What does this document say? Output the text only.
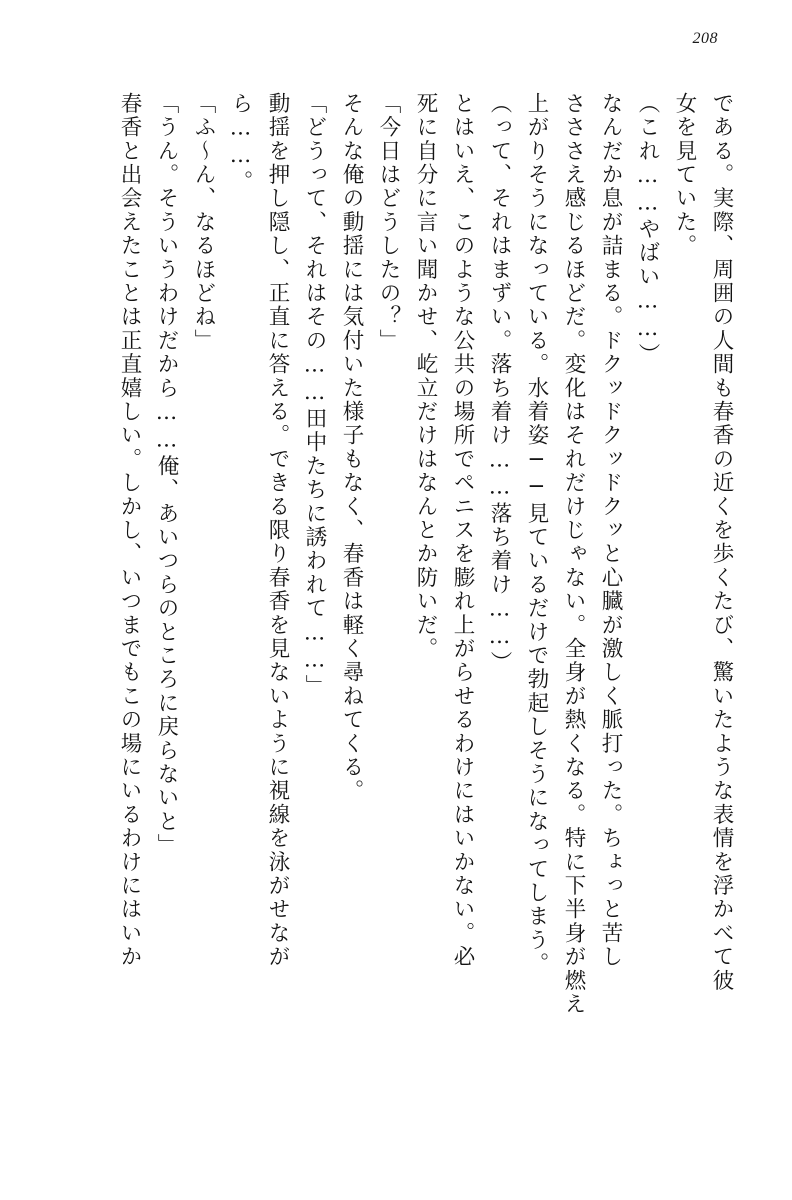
208
である。実際、周囲の人間も春香の近くを歩くたび、驚いたような表情を浮かべて彼
女を見ていた。
（これ……やばい……）
なんだか息が詰まる。ドクッドクッドクッと心臓が激しく脈打った。ちょっと苦し
さささえ感じるほどだ。変化はそれだけじゃない。全身が熱くなる。特に下半身が燃え
上がりそうになっている。水着姿──見ているだけで勃起しそうになってしまう。
（って、それはまずい。落ち着け……落ち着け……）
とはいえ、このような公共の場所でペニスを膨れ上がらせるわけにはいかない。必
死に自分に言い聞かせ、屹立だけはなんとか防いだ。
「今日はどうしたの？」
そんな俺の動揺には気付いた様子もなく、春香は軽く尋ねてくる。
「どうって、それはその……田中たちに誘われて……」
動揺を押し隠し、正直に答える。できる限り春香を見ないように視線を泳がせなが
ら……。
「ふ～ん、なるほどね」
「うん。そういうわけだから……俺、あいつらのところに戻らないと」
春香と出会えたことは正直嬉しい。しかし、いつまでもこの場にいるわけにはいか
